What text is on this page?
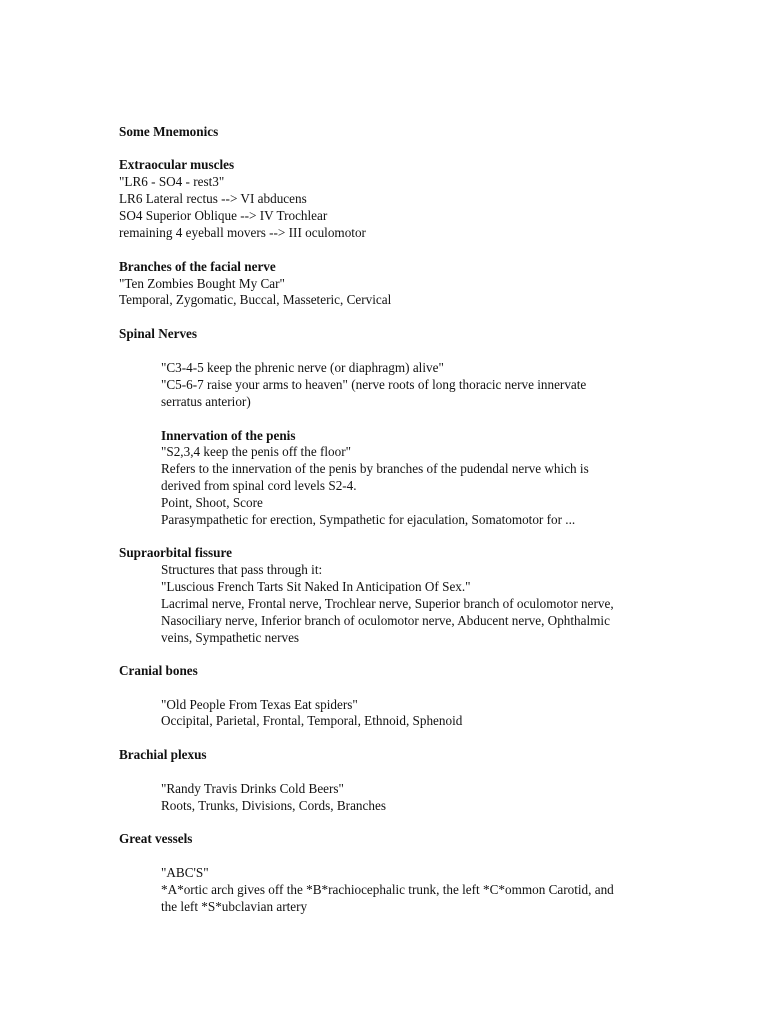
Some Mnemonics
Extraocular muscles
"LR6 - SO4 - rest3"
LR6 Lateral rectus --> VI abducens
SO4 Superior Oblique --> IV Trochlear
remaining 4 eyeball movers --> III oculomotor
Branches of the facial nerve
"Ten Zombies Bought My Car"
Temporal, Zygomatic, Buccal, Masseteric, Cervical
Spinal Nerves
"C3-4-5 keep the phrenic nerve (or diaphragm) alive"
"C5-6-7 raise your arms to heaven" (nerve roots of long thoracic nerve innervate
serratus anterior)
Innervation of the penis
"S2,3,4 keep the penis off the floor"
Refers to the innervation of the penis by branches of the pudendal nerve which is
derived from spinal cord levels S2-4.
Point, Shoot, Score
Parasympathetic for erection, Sympathetic for ejaculation, Somatomotor for ...
Supraorbital fissure
Structures that pass through it:
"Luscious French Tarts Sit Naked In Anticipation Of Sex."
Lacrimal nerve, Frontal nerve, Trochlear nerve, Superior branch of oculomotor nerve,
Nasociliary nerve, Inferior branch of oculomotor nerve, Abducent nerve, Ophthalmic
veins, Sympathetic nerves
Cranial bones
"Old People From Texas Eat spiders"
Occipital, Parietal, Frontal, Temporal, Ethnoid, Sphenoid
Brachial plexus
"Randy Travis Drinks Cold Beers"
Roots, Trunks, Divisions, Cords, Branches
Great vessels
"ABC'S"
*A*ortic arch gives off the *B*rachiocephalic trunk, the left *C*ommon Carotid, and
the left *S*ubclavian artery
